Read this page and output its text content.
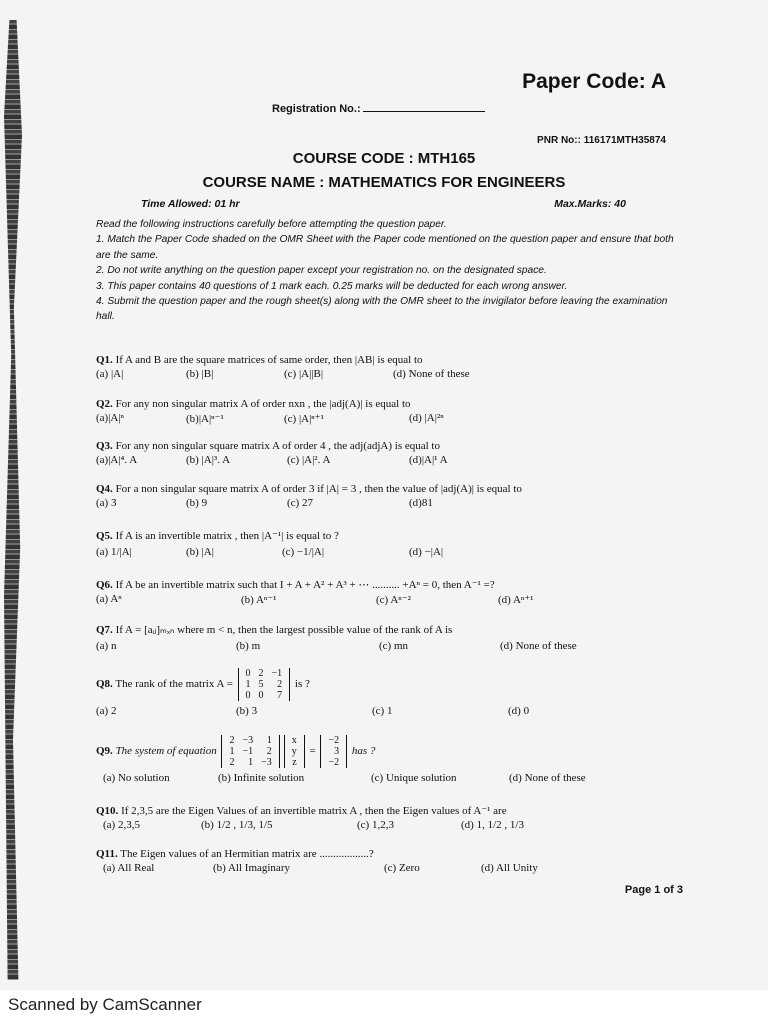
Paper Code: A
Registration No.:
PNR No:: 116171MTH35874
COURSE CODE : MTH165
COURSE NAME : MATHEMATICS FOR ENGINEERS
Time Allowed: 01 hr	Max.Marks: 40

Read the following instructions carefully before attempting the question paper.

1. Match the Paper Code shaded on the OMR Sheet with the Paper code mentioned on the question paper and ensure that both are the same.

2. Do not write anything on the question paper except your registration no. on the designated space.

3. This paper contains 40 questions of 1 mark each. 0.25 marks will be deducted for each wrong answer.

4. Submit the question paper and the rough sheet(s) along with the OMR sheet to the invigilator before leaving the examination hall.

Q1. If A and B are the square matrices of same order, then |AB| is equal to
(a) |A|	(b) |B|	(c) |A||B|	(d) None of these
Q2. For any non singular matrix A of order nxn , the |adj(A)| is equal to
(a)|A|ⁿ	(b)|A|ⁿ⁻¹	(c) |A|ⁿ⁺¹	(d) |A|²ⁿ
Q3. For any non singular square matrix A of order 4 , the adj(adjA) is equal to
(a)|A|⁴. A	(b) |A|³. A	(c) |A|². A	(d)|A|¹ A
Q4. For a non singular square matrix A of order 3 if |A| = 3 , then the value of |adj(A)| is equal to
(a) 3	(b) 9	(c) 27	(d)81
Q5. If A is an invertible matrix , then |A⁻¹| is equal to ?
(a) 1/|A|	(b) |A|	(c) −1/|A|	(d) −|A|
Q6. If A be an invertible matrix such that I + A + A² + A³ + ⋯ .......... +Aⁿ = 0, then A⁻¹ =?
(a) Aⁿ	(b) Aⁿ⁻¹	(c) Aⁿ⁻²	(d) Aⁿ⁺¹
Q7. If A = [aᵢⱼ]ₘₓₙ where m < n, then the largest possible value of the rank of A is
(a) n	(b) m	(c) mn	(d) None of these
Q8. The rank of the matrix A =
0	2	−1
1	5	2
0	0	7
is ?
(a) 2	(b) 3	(c) 1	(d) 0
Q9. The system of equation
2	−3	1
1	−1	2
2	1	−3
x
y
z
=
−2
3
−2
has ?
(a) No solution	(b) Infinite solution	(c) Unique solution	(d) None of these
Q10. If 2,3,5 are the Eigen Values of an invertible matrix A , then the Eigen values of A⁻¹ are
(a) 2,3,5	(b) 1/2 , 1/3, 1/5	(c) 1,2,3	(d) 1, 1/2 , 1/3
Q11. The Eigen values of an Hermitian matrix are ..................?
(a) All Real	(b) All Imaginary	(c) Zero	(d) All Unity
Page 1 of 3
Scanned by CamScanner
